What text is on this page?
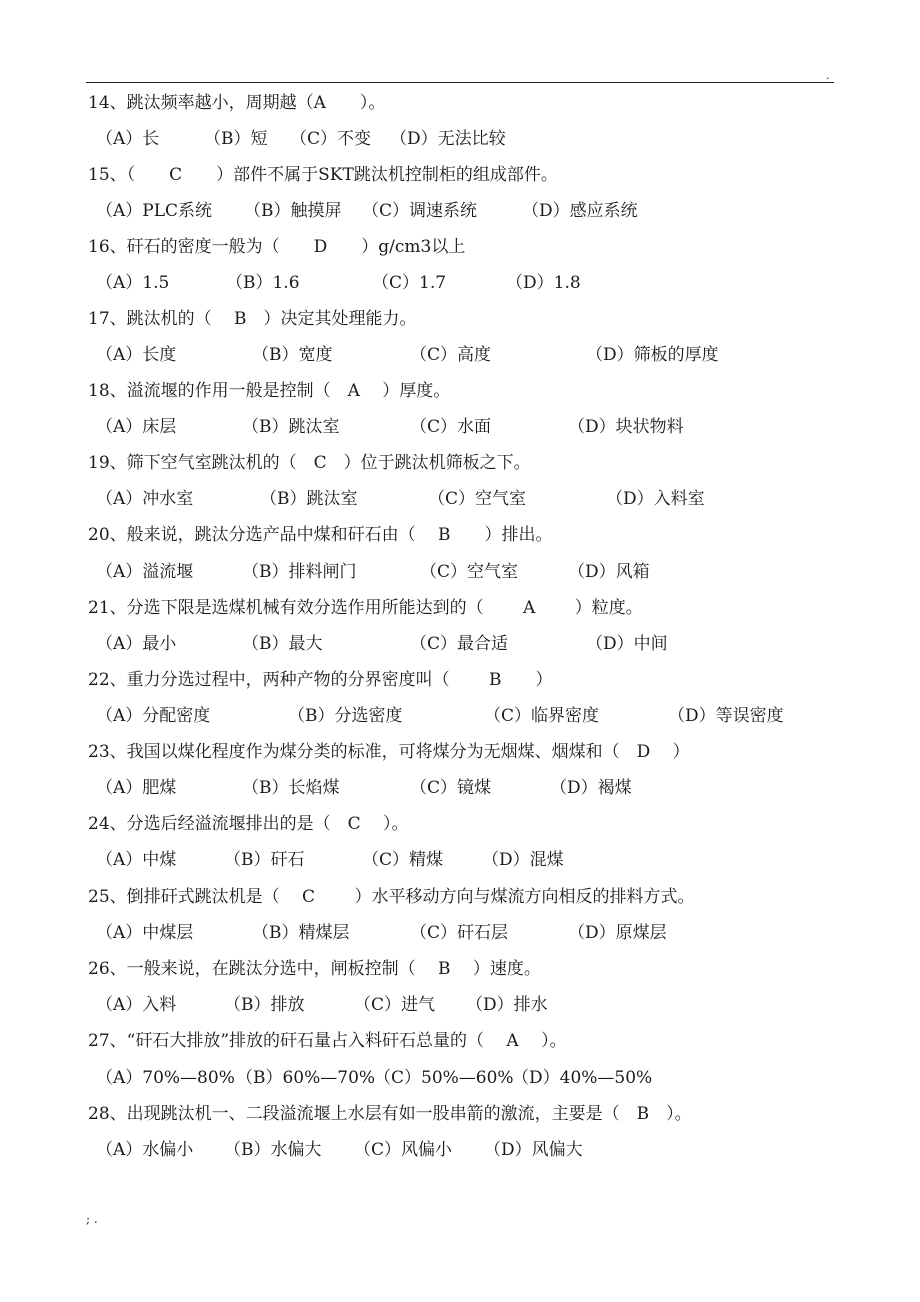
.
14、跳汰频率越小，周期越（A　　）。
（A）长	（B）短 （C）不变 （D）无法比较
15、（　　C　　）部件不属于SKT跳汰机控制柜的组成部件。
（A）PLC系统 （B）触摸屏 （C）调速系统	（D）感应系统
16、矸石的密度一般为（　　D　　）g/cm3以上
（A）1.5	（B）1.6	（C）1.7	（D）1.8
17、跳汰机的（　 B　）决定其处理能力。
（A）长度	（B）宽度	（C）高度	（D）筛板的厚度
18、溢流堰的作用一般是控制（　A　 ）厚度。
（A）床层	（B）跳汰室	（C）水面	（D）块状物料
19、筛下空气室跳汰机的（　C　）位于跳汰机筛板之下。
（A）冲水室	（B）跳汰室	（C）空气室	（D）入料室
20、般来说，跳汰分选产品中煤和矸石由（　 B　　）排出。
（A）溢流堰	（B）排料闸门	（C）空气室	（D）风箱
21、分选下限是选煤机械有效分选作用所能达到的（　　 A　　 ）粒度。
（A）最小	（B）最大	（C）最合适	（D）中间
22、重力分选过程中，两种产物的分界密度叫（　　 B　　）
（A）分配密度	（B）分选密度	（C）临界密度	（D）等误密度
23、我国以煤化程度作为煤分类的标准，可将煤分为无烟煤、烟煤和（　D　 ）
（A）肥煤	（B）长焰煤	（C）镜煤	（D）褐煤
24、分选后经溢流堰排出的是（　C　 ）。
（A）中煤	（B）矸石	（C）精煤 （D）混煤
25、倒排矸式跳汰机是（　 C　　 ）水平移动方向与煤流方向相反的排料方式。
（A）中煤层	（B）精煤层	（C）矸石层	（D）原煤层
26、一般来说，在跳汰分选中，闸板控制（　 B　 ）速度。
（A）入料	（B）排放	（C）进气 （D）排水
27、“矸石大排放”排放的矸石量占入料矸石总量的（　 A　 ）。
（A）70%—80% （B）60%—70%
（C）50%—60%
（D）40%—50%
28、出现跳汰机一、二段溢流堰上水层有如一股串箭的激流，主要是（　B　）。
（A）水偏小 （B）水偏大 （C）风偏小 （D）风偏大
; .
